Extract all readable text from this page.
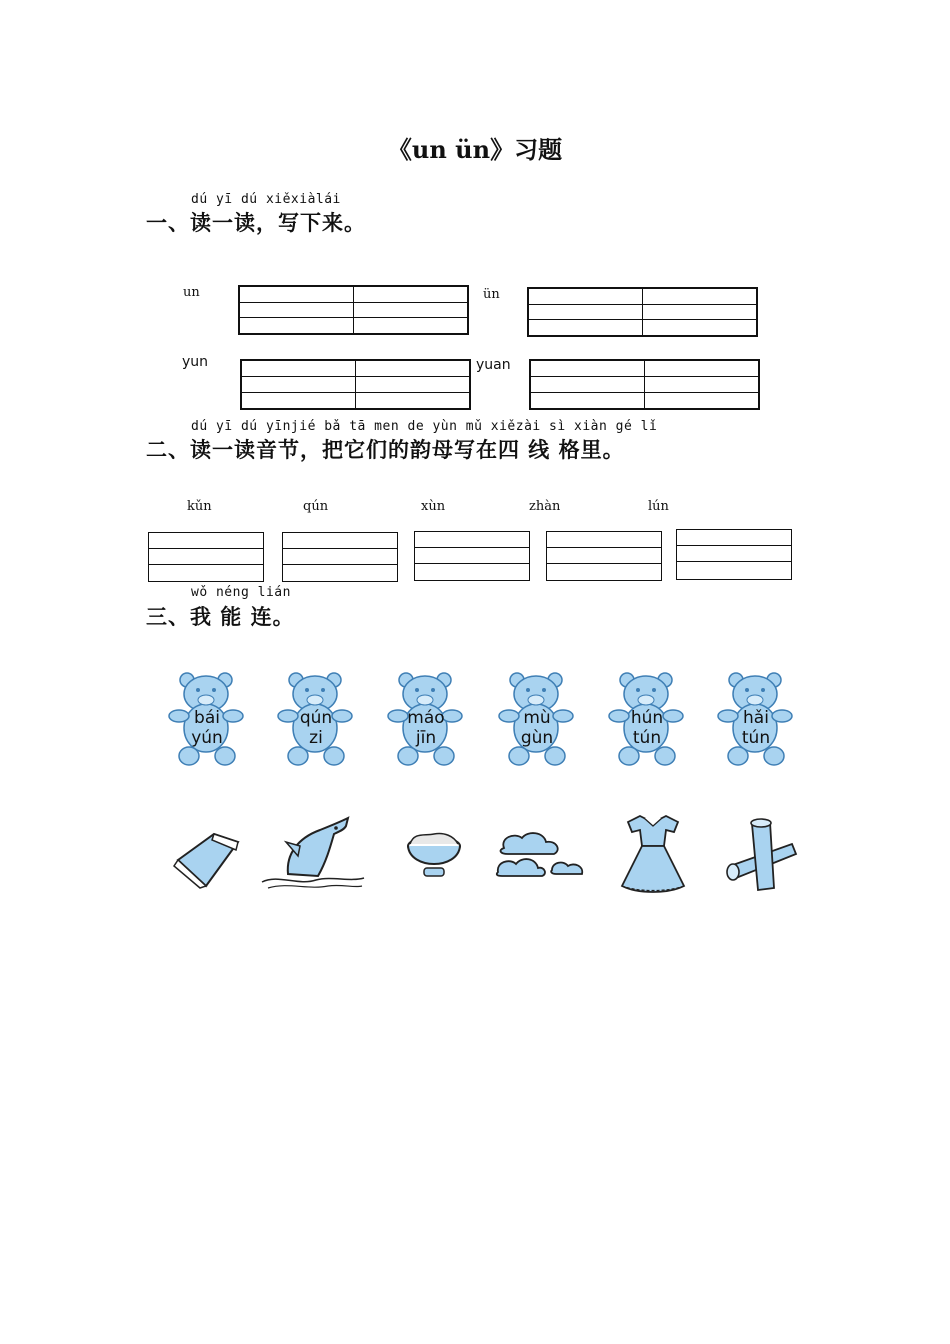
《un ün》习题
dú yī dú xiěxiàlái
一、读一读，写下来。
un

		ün

yun

		yuan

dú yī dú yīnjié bǎ tā men de yùn mǔ xiězài sì xiàn gé lǐ
二、读一读音节，把它们的韵母写在四 线 格里。
kǔn	qún	xùn	zhàn	lún
wǒ néng lián
三、我 能 连。
bái
yún
qún
zi
máo
jīn
mù
gùn
hún
tún
hǎi
tún
